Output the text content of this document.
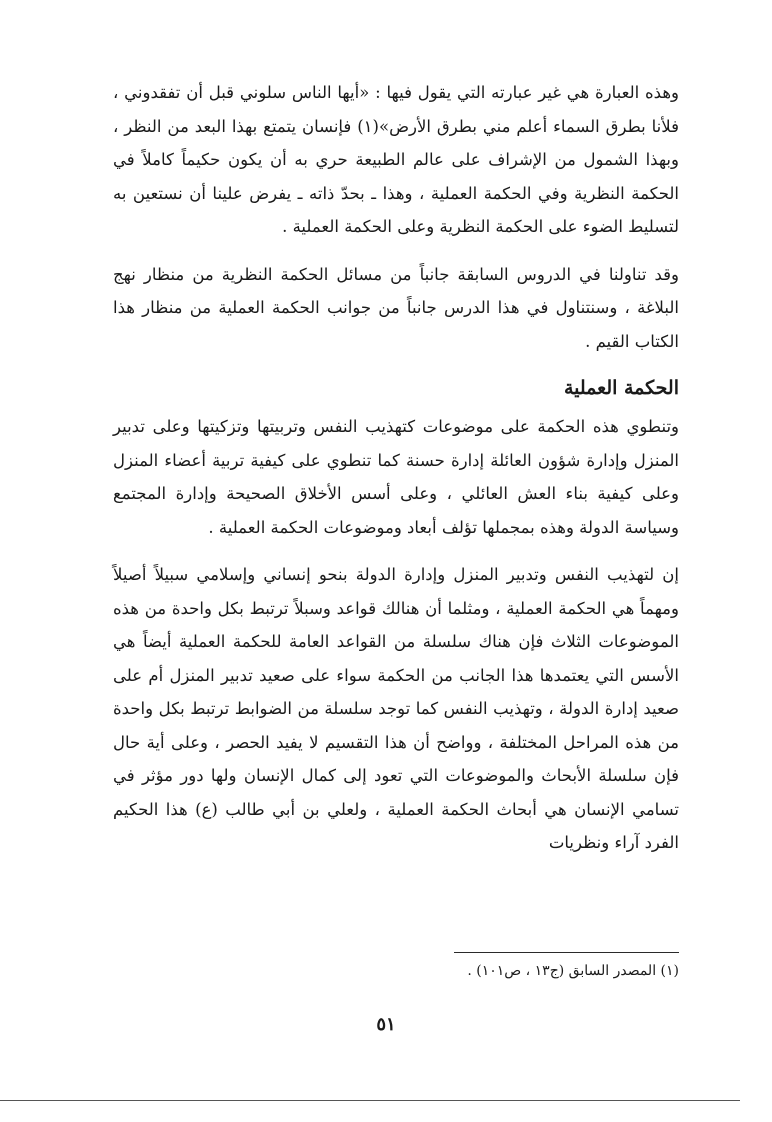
وهذه العبارة هي غير عبارته التي يقول فيها : «أيها الناس سلوني قبل أن تفقدوني ، فلأنا بطرق السماء أعلم مني بطرق الأرض»(١) فإنسان يتمتع بهذا البعد من النظر ، وبهذا الشمول من الإشراف على عالم الطبيعة حري به أن يكون حكيماً كاملاً في الحكمة النظرية وفي الحكمة العملية ، وهذا ـ بحدّ ذاته ـ يفرض علينا أن نستعين به لتسليط الضوء على الحكمة النظرية وعلى الحكمة العملية .

وقد تناولنا في الدروس السابقة جانباً من مسائل الحكمة النظرية من منظار نهج البلاغة ، وسنتناول في هذا الدرس جانباً من جوانب الحكمة العملية من منظار هذا الكتاب القيم .

الحكمة العملية

وتنطوي هذه الحكمة على موضوعات كتهذيب النفس وتربيتها وتزكيتها وعلى تدبير المنزل وإدارة شؤون العائلة إدارة حسنة كما تنطوي على كيفية تربية أعضاء المنزل وعلى كيفية بناء العش العائلي ، وعلى أسس الأخلاق الصحيحة وإدارة المجتمع وسياسة الدولة وهذه بمجملها تؤلف أبعاد وموضوعات الحكمة العملية .

إن لتهذيب النفس وتدبير المنزل وإدارة الدولة بنحو إنساني وإسلامي سبيلاً أصيلاً ومهماً هي الحكمة العملية ، ومثلما أن هنالك قواعد وسبلاً ترتبط بكل واحدة من هذه الموضوعات الثلاث فإن هناك سلسلة من القواعد العامة للحكمة العملية أيضاً هي الأسس التي يعتمدها هذا الجانب من الحكمة سواء على صعيد تدبير المنزل أم على صعيد إدارة الدولة ، وتهذيب النفس كما توجد سلسلة من الضوابط ترتبط بكل واحدة من هذه المراحل المختلفة ، وواضح أن هذا التقسيم لا يفيد الحصر ، وعلى أية حال فإن سلسلة الأبحاث والموضوعات التي تعود إلى كمال الإنسان ولها دور مؤثر في تسامي الإنسان هي أبحاث الحكمة العملية ، ولعلي بن أبي طالب (ع) هذا الحكيم الفرد آراء ونظريات

(١) المصدر السابق (ج١٣ ، ص١٠١) .

٥١
